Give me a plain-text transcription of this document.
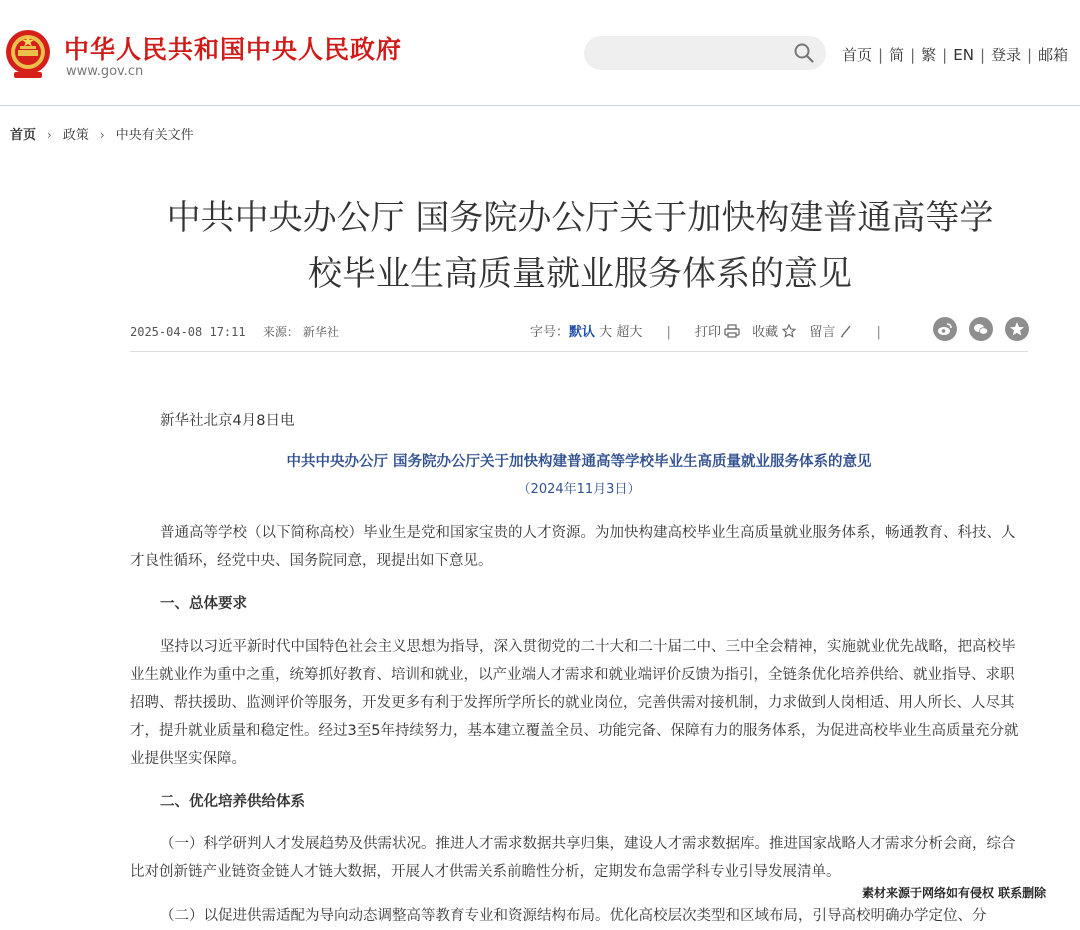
中华人民共和国中央人民政府
www.gov.cn
首页 | 简 | 繁 | EN | 登录 | 邮箱
首页 › 政策 › 中央有关文件
中共中央办公厅 国务院办公厅关于加快构建普通高等学
校毕业生高质量就业服务体系的意见
2025-04-08 17:11 来源： 新华社	字号：默认 大 超大 | 打印 收藏 留言	|
新华社北京4月8日电
中共中央办公厅 国务院办公厅关于加快构建普通高等学校毕业生高质量就业服务体系的意见
（2024年11月3日）
普通高等学校（以下简称高校）毕业生是党和国家宝贵的人才资源。为加快构建高校毕业生高质量就业服务体系，畅通教育、科技、人才良性循环，经党中央、国务院同意，现提出如下意见。
一、总体要求
坚持以习近平新时代中国特色社会主义思想为指导，深入贯彻党的二十大和二十届二中、三中全会精神，实施就业优先战略，把高校毕业生就业作为重中之重，统筹抓好教育、培训和就业，以产业端人才需求和就业端评价反馈为指引，全链条优化培养供给、就业指导、求职招聘、帮扶援助、监测评价等服务，开发更多有利于发挥所学所长的就业岗位，完善供需对接机制，力求做到人岗相适、用人所长、人尽其才，提升就业质量和稳定性。经过3至5年持续努力，基本建立覆盖全员、功能完备、保障有力的服务体系，为促进高校毕业生高质量充分就业提供坚实保障。
二、优化培养供给体系
（一）科学研判人才发展趋势及供需状况。推进人才需求数据共享归集，建设人才需求数据库。推进国家战略人才需求分析会商，综合比对创新链产业链资金链人才链大数据，开展人才供需关系前瞻性分析，定期发布急需学科专业引导发展清单。
（二）以促进供需适配为导向动态调整高等教育专业和资源结构布局。优化高校层次类型和区域布局，引导高校明确办学定位、分
素材来源于网络如有侵权 联系删除
